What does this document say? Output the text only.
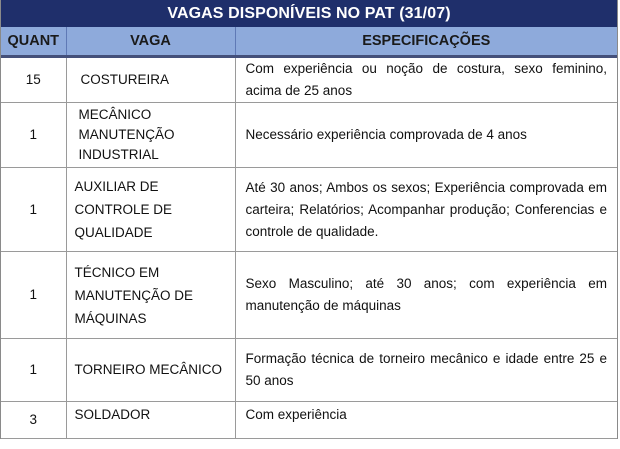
VAGAS DISPONÍVEIS NO PAT (31/07)
QUANT	VAGA	ESPECIFICAÇÕES
15	COSTUREIRA	Com experiência ou noção de costura, sexo feminino, acima de 25 anos
1	MECÂNICO MANUTENÇÃO INDUSTRIAL	Necessário experiência comprovada de 4 anos
1	AUXILIAR DE CONTROLE DE QUALIDADE	Até 30 anos; Ambos os sexos; Experiência comprovada em carteira; Relatórios; Acompanhar produção; Conferencias e controle de qualidade.
1	TÉCNICO EM MANUTENÇÃO DE MÁQUINAS	Sexo Masculino; até 30 anos; com experiência em manutenção de máquinas
1	TORNEIRO MECÂNICO	Formação técnica de torneiro mecânico e idade entre 25 e 50 anos
3	SOLDADOR	Com experiência
